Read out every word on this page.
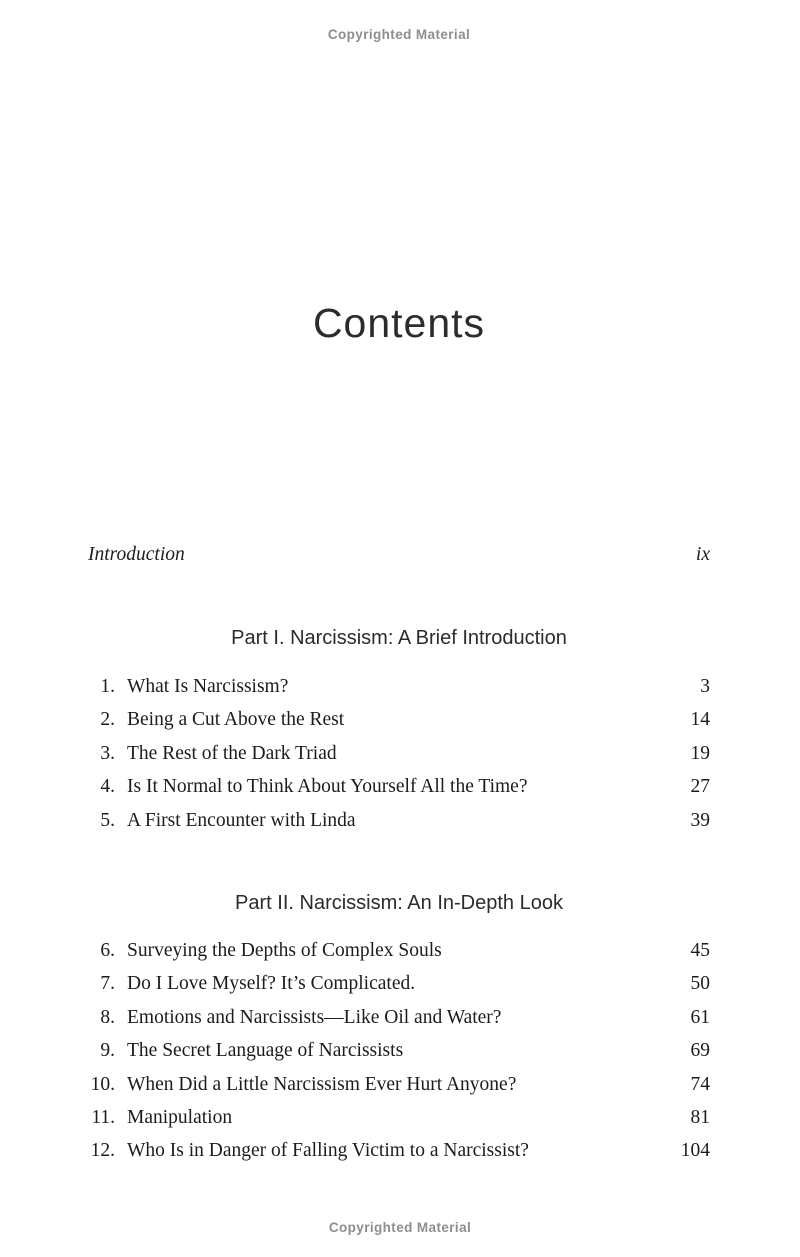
Copyrighted Material
Contents
Introduction	ix
Part I. Narcissism: A Brief Introduction
1. What Is Narcissism?	3
2. Being a Cut Above the Rest	14
3. The Rest of the Dark Triad	19
4. Is It Normal to Think About Yourself All the Time?	27
5. A First Encounter with Linda	39
Part II. Narcissism: An In-Depth Look
6. Surveying the Depths of Complex Souls	45
7. Do I Love Myself? It’s Complicated.	50
8. Emotions and Narcissists—Like Oil and Water?	61
9. The Secret Language of Narcissists	69
10. When Did a Little Narcissism Ever Hurt Anyone?	74
11. Manipulation	81
12. Who Is in Danger of Falling Victim to a Narcissist?	104
Copyrighted Material
